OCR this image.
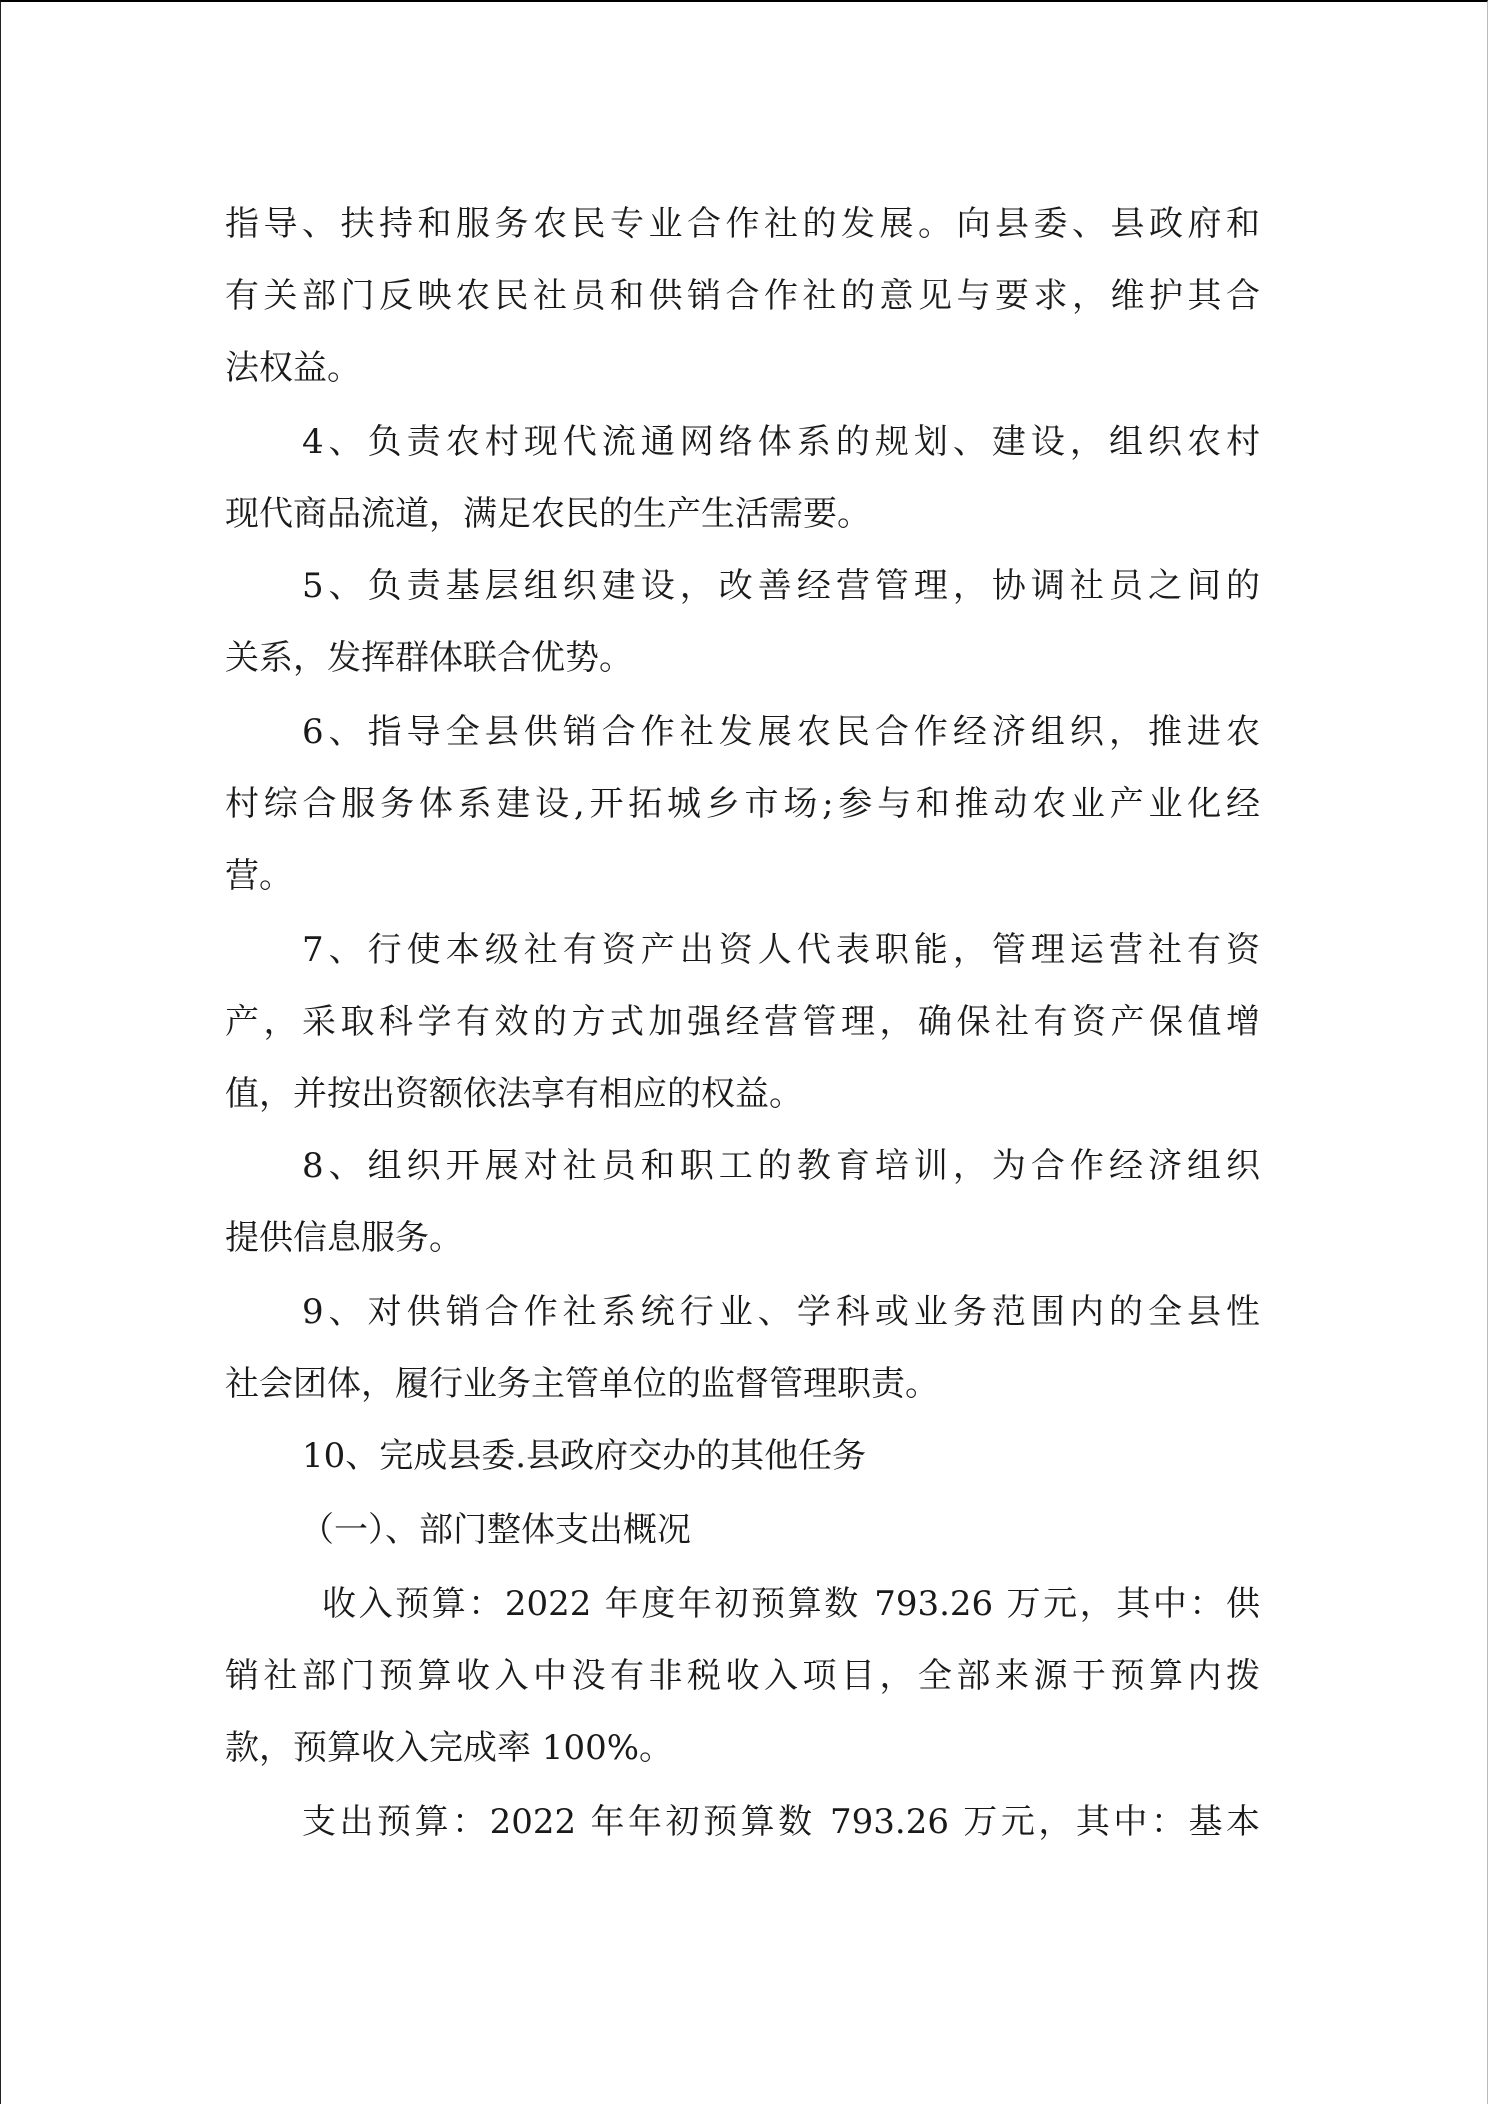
指导、扶持和服务农民专业合作社的发展。向县委、县政府和
有关部门反映农民社员和供销合作社的意见与要求，维护其合
法权益。
4、负责农村现代流通网络体系的规划、建设，组织农村
现代商品流道，满足农民的生产生活需要。
5、负责基层组织建设，改善经营管理，协调社员之间的
关系，发挥群体联合优势。
6、指导全县供销合作社发展农民合作经济组织，推进农
村综合服务体系建设,开拓城乡市场;参与和推动农业产业化经
营。
7、行使本级社有资产出资人代表职能，管理运营社有资
产，采取科学有效的方式加强经营管理，确保社有资产保值增
值，并按出资额依法享有相应的权益。
8、组织开展对社员和职工的教育培训，为合作经济组织
提供信息服务。
9、对供销合作社系统行业、学科或业务范围内的全县性
社会团体，履行业务主管单位的监督管理职责。
10、完成县委.县政府交办的其他任务
（一）、部门整体支出概况
收入预算：2022 年度年初预算数 793.26 万元，其中：供
销社部门预算收入中没有非税收入项目，全部来源于预算内拨
款，预算收入完成率 100%。
支出预算：2022 年年初预算数 793.26 万元，其中：基本
